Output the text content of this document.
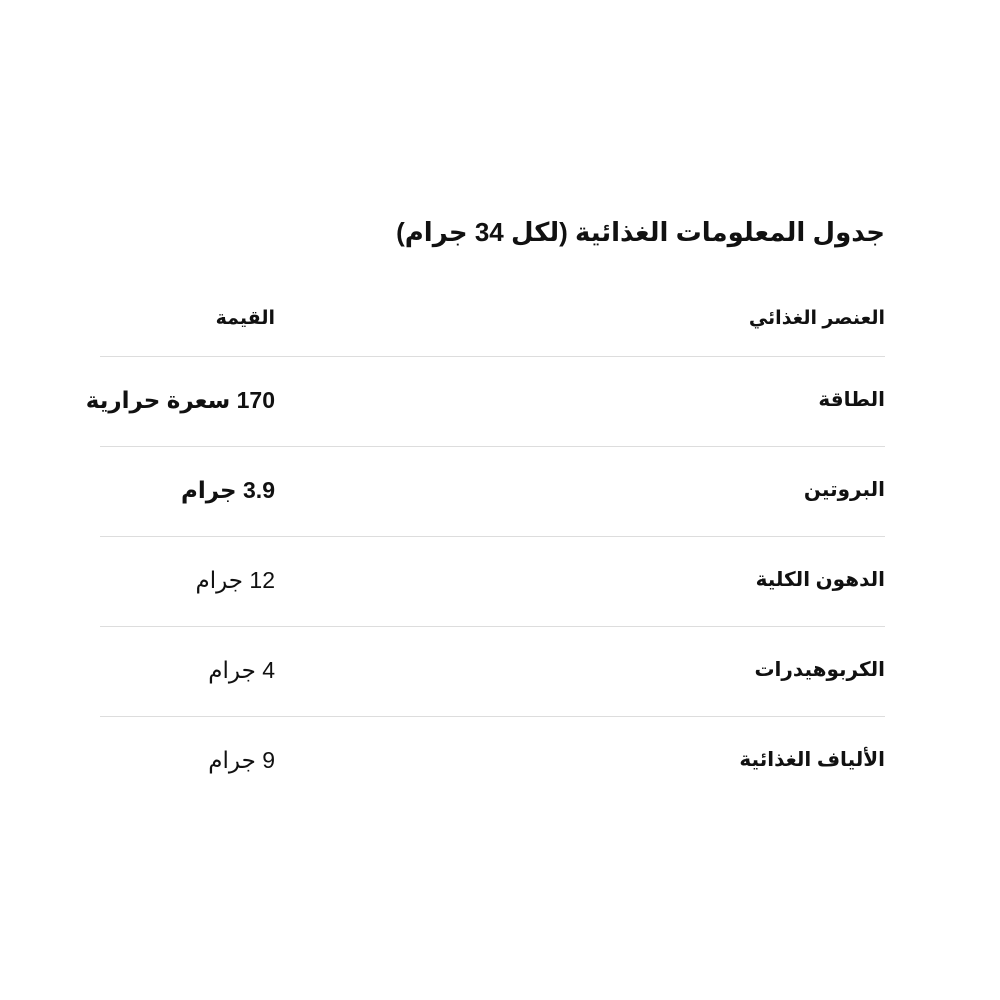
جدول المعلومات الغذائية (لكل 34 جرام)
العنصر الغذائي
القيمة
الطاقة
170 سعرة حرارية
البروتين
3.9 جرام
الدهون الكلية
12 جرام
الكربوهيدرات
4 جرام
الألياف الغذائية
9 جرام
